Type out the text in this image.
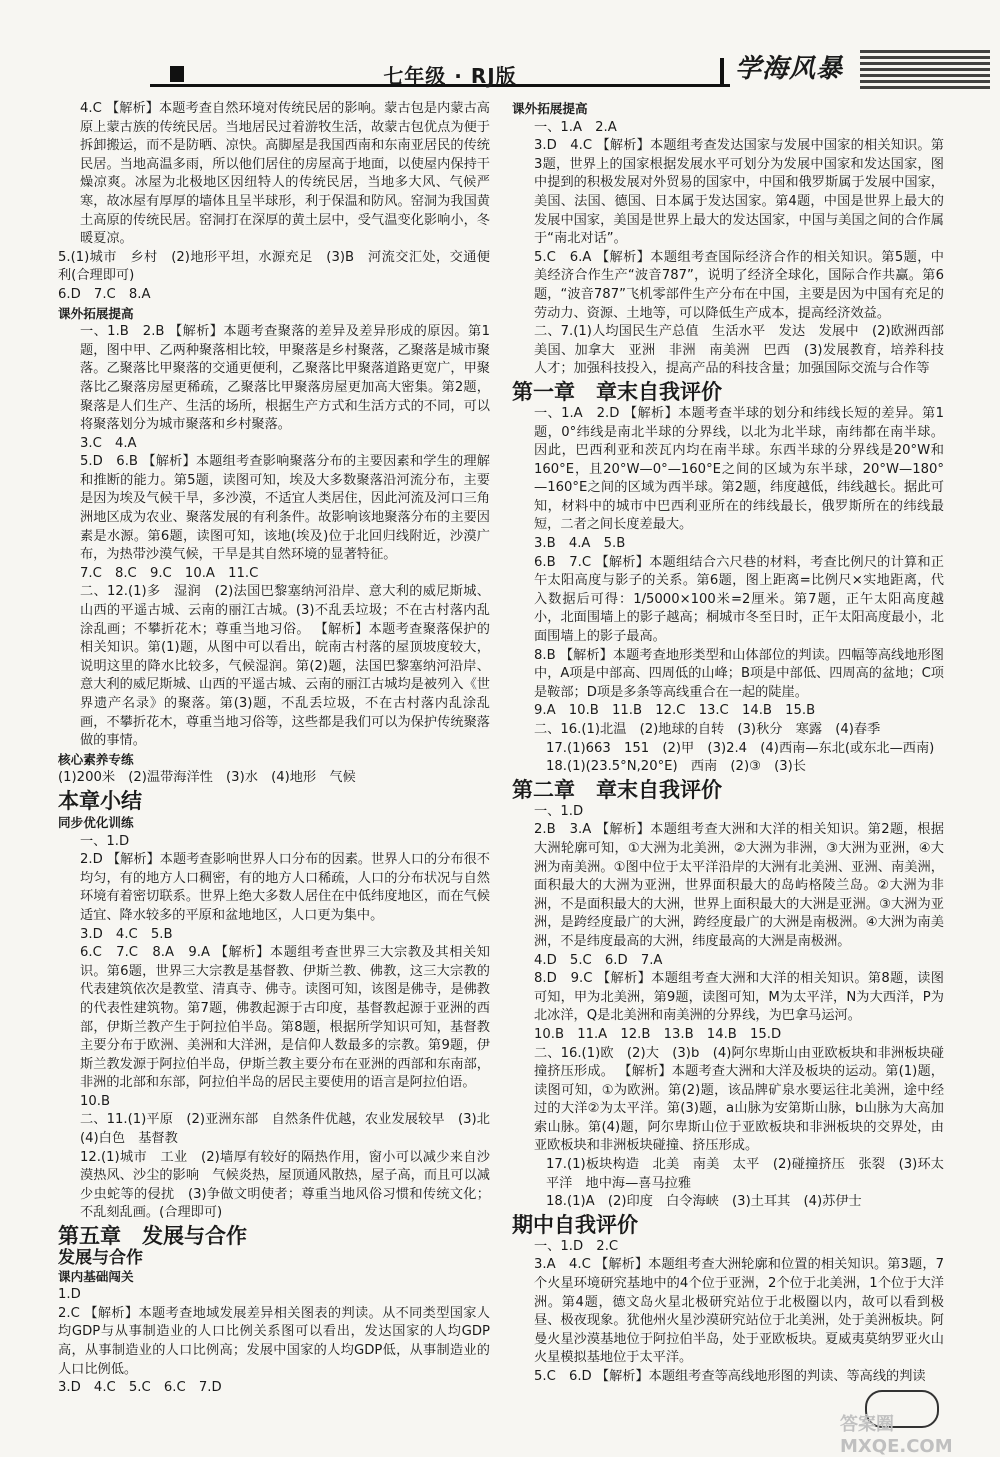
七年级 · RJ版	学海风暴

4.C 【解析】本题考查自然环境对传统民居的影响。蒙古包是内蒙古高原上蒙古族的传统民居。当地居民过着游牧生活，故蒙古包优点为便于拆卸搬运，而不是防晒、凉快。高脚屋是我国西南和东南亚居民的传统民居。当地高温多雨，所以他们居住的房屋高于地面，以使屋内保持干燥凉爽。冰屋为北极地区因纽特人的传统民居，当地多大风、气候严寒，故冰屋有厚厚的墙体且呈半球形，利于保温和防风。窑洞为我国黄土高原的传统民居。窑洞打在深厚的黄土层中，受气温变化影响小，冬暖夏凉。

5.(1)城市　乡村　(2)地形平坦，水源充足　(3)B　河流交汇处，交通便利(合理即可)

6.D　7.C　8.A

课外拓展提高

一、1.B　2.B 【解析】本题考查聚落的差异及差异形成的原因。第1题，图中甲、乙两种聚落相比较，甲聚落是乡村聚落，乙聚落是城市聚落。乙聚落比甲聚落的交通更便利，乙聚落比甲聚落道路更宽广，甲聚落比乙聚落房屋更稀疏，乙聚落比甲聚落房屋更加高大密集。第2题，聚落是人们生产、生活的场所，根据生产方式和生活方式的不同，可以将聚落划分为城市聚落和乡村聚落。

3.C　4.A

5.D　6.B 【解析】本题组考查影响聚落分布的主要因素和学生的理解和推断的能力。第5题，读图可知，埃及大多数聚落沿河流分布，主要是因为埃及气候干旱，多沙漠，不适宜人类居住，因此河流及河口三角洲地区成为农业、聚落发展的有利条件。故影响该地聚落分布的主要因素是水源。第6题，读图可知，该地(埃及)位于北回归线附近，沙漠广布，为热带沙漠气候，干旱是其自然环境的显著特征。

7.C　8.C　9.C　10.A　11.C

二、12.(1)多　湿润　(2)法国巴黎塞纳河沿岸、意大利的威尼斯城、山西的平遥古城、云南的丽江古城。(3)不乱丢垃圾；不在古村落内乱涂乱画；不攀折花木；尊重当地习俗。 【解析】本题考查聚落保护的相关知识。第(1)题，从图中可以看出，皖南古村落的屋顶坡度较大，说明这里的降水比较多，气候湿润。第(2)题，法国巴黎塞纳河沿岸、意大利的威尼斯城、山西的平遥古城、云南的丽江古城均是被列入《世界遗产名录》的聚落。第(3)题，不乱丢垃圾，不在古村落内乱涂乱画，不攀折花木，尊重当地习俗等，这些都是我们可以为保护传统聚落做的事情。

核心素养专练

(1)200米　(2)温带海洋性　(3)水　(4)地形　气候

本章小结

同步优化训练

一、1.D

2.D 【解析】本题考查影响世界人口分布的因素。世界人口的分布很不均匀，有的地方人口稠密，有的地方人口稀疏，人口的分布状况与自然环境有着密切联系。世界上绝大多数人居住在中低纬度地区，而在气候适宜、降水较多的平原和盆地地区，人口更为集中。

3.D　4.C　5.B

6.C　7.C　8.A　9.A 【解析】本题组考查世界三大宗教及其相关知识。第6题，世界三大宗教是基督教、伊斯兰教、佛教，这三大宗教的代表建筑依次是教堂、清真寺、佛寺。读图可知，该图是佛寺，是佛教的代表性建筑物。第7题，佛教起源于古印度，基督教起源于亚洲的西部，伊斯兰教产生于阿拉伯半岛。第8题，根据所学知识可知，基督教主要分布于欧洲、美洲和大洋洲，是信仰人数最多的宗教。第9题，伊斯兰教发源于阿拉伯半岛，伊斯兰教主要分布在亚洲的西部和东南部，非洲的北部和东部，阿拉伯半岛的居民主要使用的语言是阿拉伯语。

10.B

二、11.(1)平原　(2)亚洲东部　自然条件优越，农业发展较早　(3)北　(4)白色　基督教

12.(1)城市　工业　(2)墙厚有较好的隔热作用，窗小可以减少来自沙漠热风、沙尘的影响　气候炎热，屋顶通风散热，屋子高，而且可以减少虫蛇等的侵扰　(3)争做文明使者；尊重当地风俗习惯和传统文化；不乱刻乱画。(合理即可)

第五章　发展与合作

发展与合作

课内基础闯关

1.D

2.C 【解析】本题考查地域发展差异相关图表的判读。从不同类型国家人均GDP与从事制造业的人口比例关系图可以看出，发达国家的人均GDP高，从事制造业的人口比例高；发展中国家的人均GDP低，从事制造业的人口比例低。

3.D　4.C　5.C　6.C　7.D

课外拓展提高

一、1.A　2.A

3.D　4.C 【解析】本题组考查发达国家与发展中国家的相关知识。第3题，世界上的国家根据发展水平可划分为发展中国家和发达国家，图中提到的积极发展对外贸易的国家中，中国和俄罗斯属于发展中国家，美国、法国、德国、日本属于发达国家。第4题，中国是世界上最大的发展中国家，美国是世界上最大的发达国家，中国与美国之间的合作属于“南北对话”。

5.C　6.A 【解析】本题组考查国际经济合作的相关知识。第5题，中美经济合作生产“波音787”，说明了经济全球化，国际合作共赢。第6题，“波音787”飞机零部件生产分布在中国，主要是因为中国有充足的劳动力、资源、土地等，可以降低生产成本，提高经济效益。

二、7.(1)人均国民生产总值　生活水平　发达　发展中　(2)欧洲西部　美国、加拿大　亚洲　非洲　南美洲　巴西　(3)发展教育，培养科技人才；加强科技投入，提高产品的科技含量；加强国际交流与合作等

第一章　章末自我评价

一、1.A　2.D 【解析】本题考查半球的划分和纬线长短的差异。第1题，0°纬线是南北半球的分界线，以北为北半球，南纬都在南半球。因此，巴西利亚和茨瓦内均在南半球。东西半球的分界线是20°W和160°E，且20°W—0°—160°E之间的区域为东半球，20°W—180°—160°E之间的区域为西半球。第2题，纬度越低，纬线越长。据此可知，材料中的城市中巴西利亚所在的纬线最长，俄罗斯所在的纬线最短，二者之间长度差最大。

3.B　4.A　5.B

6.B　7.C 【解析】本题组结合六尺巷的材料，考查比例尺的计算和正午太阳高度与影子的关系。第6题，图上距离=比例尺×实地距离，代入数据后可得：1/5000×100米=2厘米。第7题，正午太阳高度越小，北面围墙上的影子越高；桐城市冬至日时，正午太阳高度最小，北面围墙上的影子最高。

8.B 【解析】本题考查地形类型和山体部位的判读。四幅等高线地形图中，A项是中部高、四周低的山峰；B项是中部低、四周高的盆地；C项是鞍部；D项是多条等高线重合在一起的陡崖。

9.A　10.B　11.B　12.C　13.C　14.B　15.B

二、16.(1)北温　(2)地球的自转　(3)秋分　寒露　(4)春季

17.(1)663　151　(2)甲　(3)2.4　(4)西南—东北(或东北—西南)

18.(1)(23.5°N,20°E)　西南　(2)③　(3)长

第二章　章末自我评价

一、1.D

2.B　3.A 【解析】本题组考查大洲和大洋的相关知识。第2题，根据大洲轮廓可知，①大洲为北美洲，②大洲为非洲，③大洲为亚洲，④大洲为南美洲。①图中位于太平洋沿岸的大洲有北美洲、亚洲、南美洲，面积最大的大洲为亚洲，世界面积最大的岛屿格陵兰岛。②大洲为非洲，不是面积最大的大洲，世界上面积最大的大洲是亚洲。③大洲为亚洲，是跨经度最广的大洲，跨经度最广的大洲是南极洲。④大洲为南美洲，不是纬度最高的大洲，纬度最高的大洲是南极洲。

4.D　5.C　6.D　7.A

8.D　9.C 【解析】本题组考查大洲和大洋的相关知识。第8题，读图可知，甲为北美洲，第9题，读图可知，M为太平洋，N为大西洋，P为北冰洋，Q是北美洲和南美洲的分界线，为巴拿马运河。

10.B　11.A　12.B　13.B　14.B　15.D

二、16.(1)欧　(2)大　(3)b　(4)阿尔卑斯山由亚欧板块和非洲板块碰撞挤压形成。 【解析】本题考查大洲和大洋及板块的运动。第(1)题，读图可知，①为欧洲。第(2)题，该品牌矿泉水要运往北美洲，途中经过的大洋②为太平洋。第(3)题，a山脉为安第斯山脉，b山脉为大高加索山脉。第(4)题，阿尔卑斯山位于亚欧板块和非洲板块的交界处，由亚欧板块和非洲板块碰撞、挤压形成。

17.(1)板块构造　北美　南美　太平　(2)碰撞挤压　张裂　(3)环太平洋　地中海—喜马拉雅

18.(1)A　(2)印度　白令海峡　(3)土耳其　(4)苏伊士

期中自我评价

一、1.D　2.C

3.A　4.C 【解析】本题组考查大洲轮廓和位置的相关知识。第3题，7个火星环境研究基地中的4个位于亚洲，2个位于北美洲，1个位于大洋洲。第4题，德文岛火星北极研究站位于北极圈以内，故可以看到极昼、极夜现象。犹他州火星沙漠研究站位于北美洲，处于美洲板块。阿曼火星沙漠基地位于阿拉伯半岛，处于亚欧板块。夏威夷莫纳罗亚火山火星模拟基地位于太平洋。

5.C　6.D 【解析】本题组考查等高线地形图的判读、等高线的判读

答案圈 MXQE.COM
